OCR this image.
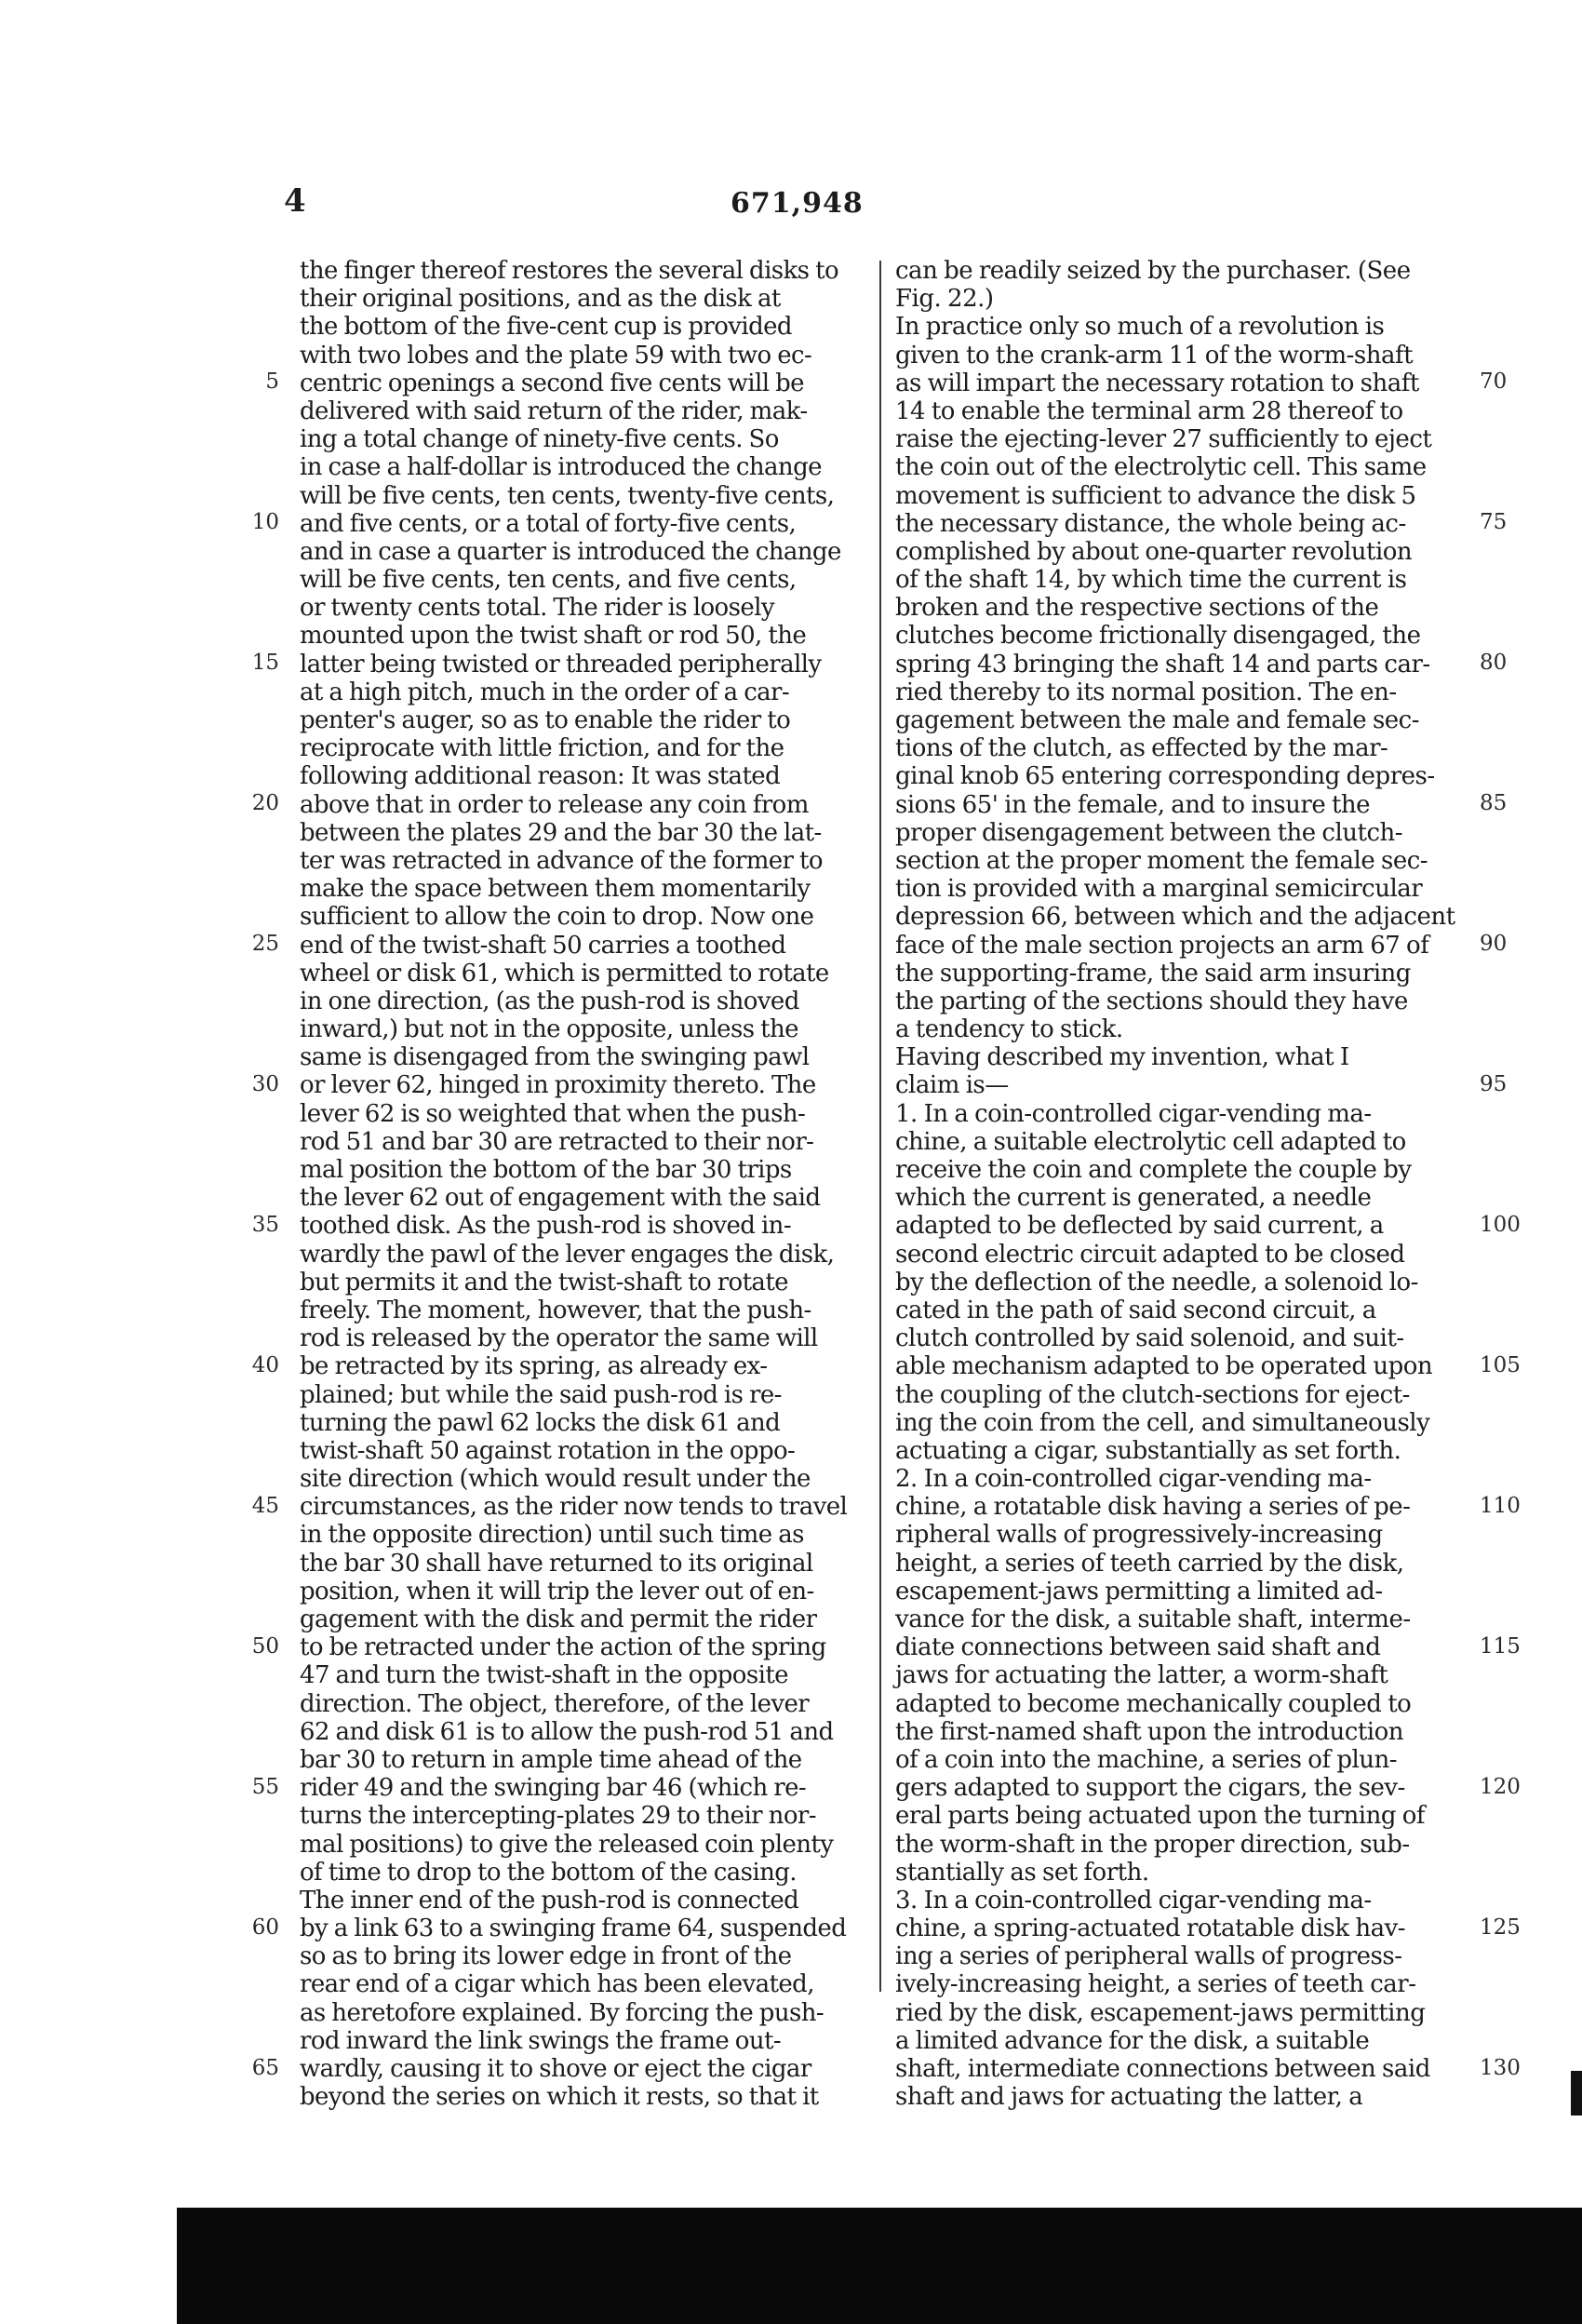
4	671,948
5
10
15
20
25
30
35
40
45
50
55
60
65
the finger thereof restores the several disks to
their original positions, and as the disk at
the bottom of the five-cent cup is provided
with two lobes and the plate 59 with two ec-
centric openings a second five cents will be
delivered with said return of the rider, mak-
ing a total change of ninety-five cents. So
in case a half-dollar is introduced the change
will be five cents, ten cents, twenty-five cents,
and five cents, or a total of forty-five cents,
and in case a quarter is introduced the change
will be five cents, ten cents, and five cents,
or twenty cents total. The rider is loosely
mounted upon the twist shaft or rod 50, the
latter being twisted or threaded peripherally
at a high pitch, much in the order of a car-
penter's auger, so as to enable the rider to
reciprocate with little friction, and for the
following additional reason: It was stated
above that in order to release any coin from
between the plates 29 and the bar 30 the lat-
ter was retracted in advance of the former to
make the space between them momentarily
sufficient to allow the coin to drop. Now one
end of the twist-shaft 50 carries a toothed
wheel or disk 61, which is permitted to rotate
in one direction, (as the push-rod is shoved
inward,) but not in the opposite, unless the
same is disengaged from the swinging pawl
or lever 62, hinged in proximity thereto. The
lever 62 is so weighted that when the push-
rod 51 and bar 30 are retracted to their nor-
mal position the bottom of the bar 30 trips
the lever 62 out of engagement with the said
toothed disk. As the push-rod is shoved in-
wardly the pawl of the lever engages the disk,
but permits it and the twist-shaft to rotate
freely. The moment, however, that the push-
rod is released by the operator the same will
be retracted by its spring, as already ex-
plained; but while the said push-rod is re-
turning the pawl 62 locks the disk 61 and
twist-shaft 50 against rotation in the oppo-
site direction (which would result under the
circumstances, as the rider now tends to travel
in the opposite direction) until such time as
the bar 30 shall have returned to its original
position, when it will trip the lever out of en-
gagement with the disk and permit the rider
to be retracted under the action of the spring
47 and turn the twist-shaft in the opposite
direction. The object, therefore, of the lever
62 and disk 61 is to allow the push-rod 51 and
bar 30 to return in ample time ahead of the
rider 49 and the swinging bar 46 (which re-
turns the intercepting-plates 29 to their nor-
mal positions) to give the released coin plenty
of time to drop to the bottom of the casing.
The inner end of the push-rod is connected
by a link 63 to a swinging frame 64, suspended
so as to bring its lower edge in front of the
rear end of a cigar which has been elevated,
as heretofore explained. By forcing the push-
rod inward the link swings the frame out-
wardly, causing it to shove or eject the cigar
beyond the series on which it rests, so that it
can be readily seized by the purchaser. (See
Fig. 22.)
In practice only so much of a revolution is
given to the crank-arm 11 of the worm-shaft
as will impart the necessary rotation to shaft
14 to enable the terminal arm 28 thereof to
raise the ejecting-lever 27 sufficiently to eject
the coin out of the electrolytic cell. This same
movement is sufficient to advance the disk 5
the necessary distance, the whole being ac-
complished by about one-quarter revolution
of the shaft 14, by which time the current is
broken and the respective sections of the
clutches become frictionally disengaged, the
spring 43 bringing the shaft 14 and parts car-
ried thereby to its normal position. The en-
gagement between the male and female sec-
tions of the clutch, as effected by the mar-
ginal knob 65 entering corresponding depres-
sions 65' in the female, and to insure the
proper disengagement between the clutch-
section at the proper moment the female sec-
tion is provided with a marginal semicircular
depression 66, between which and the adjacent
face of the male section projects an arm 67 of
the supporting-frame, the said arm insuring
the parting of the sections should they have
a tendency to stick.
Having described my invention, what I
claim is—
1. In a coin-controlled cigar-vending ma-
chine, a suitable electrolytic cell adapted to
receive the coin and complete the couple by
which the current is generated, a needle
adapted to be deflected by said current, a
second electric circuit adapted to be closed
by the deflection of the needle, a solenoid lo-
cated in the path of said second circuit, a
clutch controlled by said solenoid, and suit-
able mechanism adapted to be operated upon
the coupling of the clutch-sections for eject-
ing the coin from the cell, and simultaneously
actuating a cigar, substantially as set forth.
2. In a coin-controlled cigar-vending ma-
chine, a rotatable disk having a series of pe-
ripheral walls of progressively-increasing
height, a series of teeth carried by the disk,
escapement-jaws permitting a limited ad-
vance for the disk, a suitable shaft, interme-
diate connections between said shaft and
jaws for actuating the latter, a worm-shaft
adapted to become mechanically coupled to
the first-named shaft upon the introduction
of a coin into the machine, a series of plun-
gers adapted to support the cigars, the sev-
eral parts being actuated upon the turning of
the worm-shaft in the proper direction, sub-
stantially as set forth.
3. In a coin-controlled cigar-vending ma-
chine, a spring-actuated rotatable disk hav-
ing a series of peripheral walls of progress-
ively-increasing height, a series of teeth car-
ried by the disk, escapement-jaws permitting
a limited advance for the disk, a suitable
shaft, intermediate connections between said
shaft and jaws for actuating the latter, a
70
75
80
85
90
95
100
105
110
115
120
125
130
